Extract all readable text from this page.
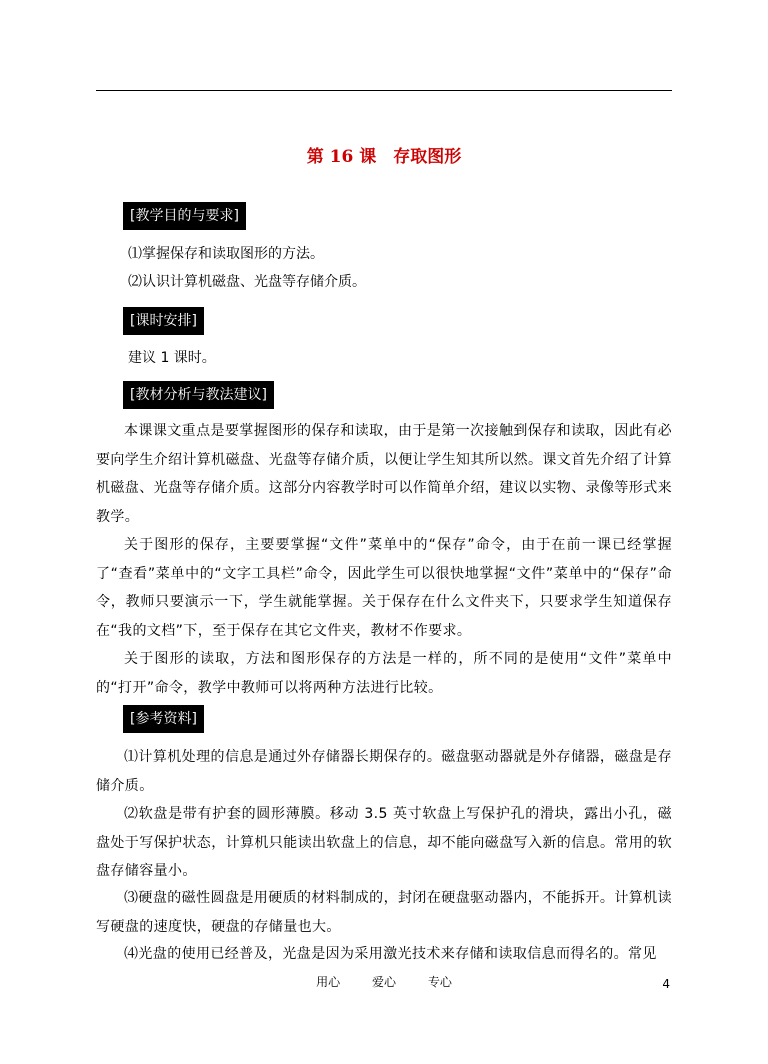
第 16 课　存取图形
[教学目的与要求]
⑴掌握保存和读取图形的方法。
⑵认识计算机磁盘、光盘等存储介质。
[课时安排]
建议 1 课时。
[教材分析与教法建议]
本课课文重点是要掌握图形的保存和读取，由于是第一次接触到保存和读取，因此有必要向学生介绍计算机磁盘、光盘等存储介质，以便让学生知其所以然。课文首先介绍了计算机磁盘、光盘等存储介质。这部分内容教学时可以作简单介绍，建议以实物、录像等形式来教学。
关于图形的保存，主要要掌握“文件”菜单中的“保存”命令，由于在前一课已经掌握了“查看”菜单中的“文字工具栏”命令，因此学生可以很快地掌握“文件”菜单中的“保存”命令，教师只要演示一下，学生就能掌握。关于保存在什么文件夹下，只要求学生知道保存在“我的文档”下，至于保存在其它文件夹，教材不作要求。
关于图形的读取，方法和图形保存的方法是一样的，所不同的是使用“文件”菜单中的“打开”命令，教学中教师可以将两种方法进行比较。
[参考资料]
⑴计算机处理的信息是通过外存储器长期保存的。磁盘驱动器就是外存储器，磁盘是存储介质。
⑵软盘是带有护套的圆形薄膜。移动 3.5 英寸软盘上写保护孔的滑块，露出小孔，磁盘处于写保护状态，计算机只能读出软盘上的信息，却不能向磁盘写入新的信息。常用的软盘存储容量小。
⑶硬盘的磁性圆盘是用硬质的材料制成的，封闭在硬盘驱动器内，不能拆开。计算机读写硬盘的速度快，硬盘的存储量也大。
⑷光盘的使用已经普及，光盘是因为采用激光技术来存储和读取信息而得名的。常见
用心	爱心	专心	4
